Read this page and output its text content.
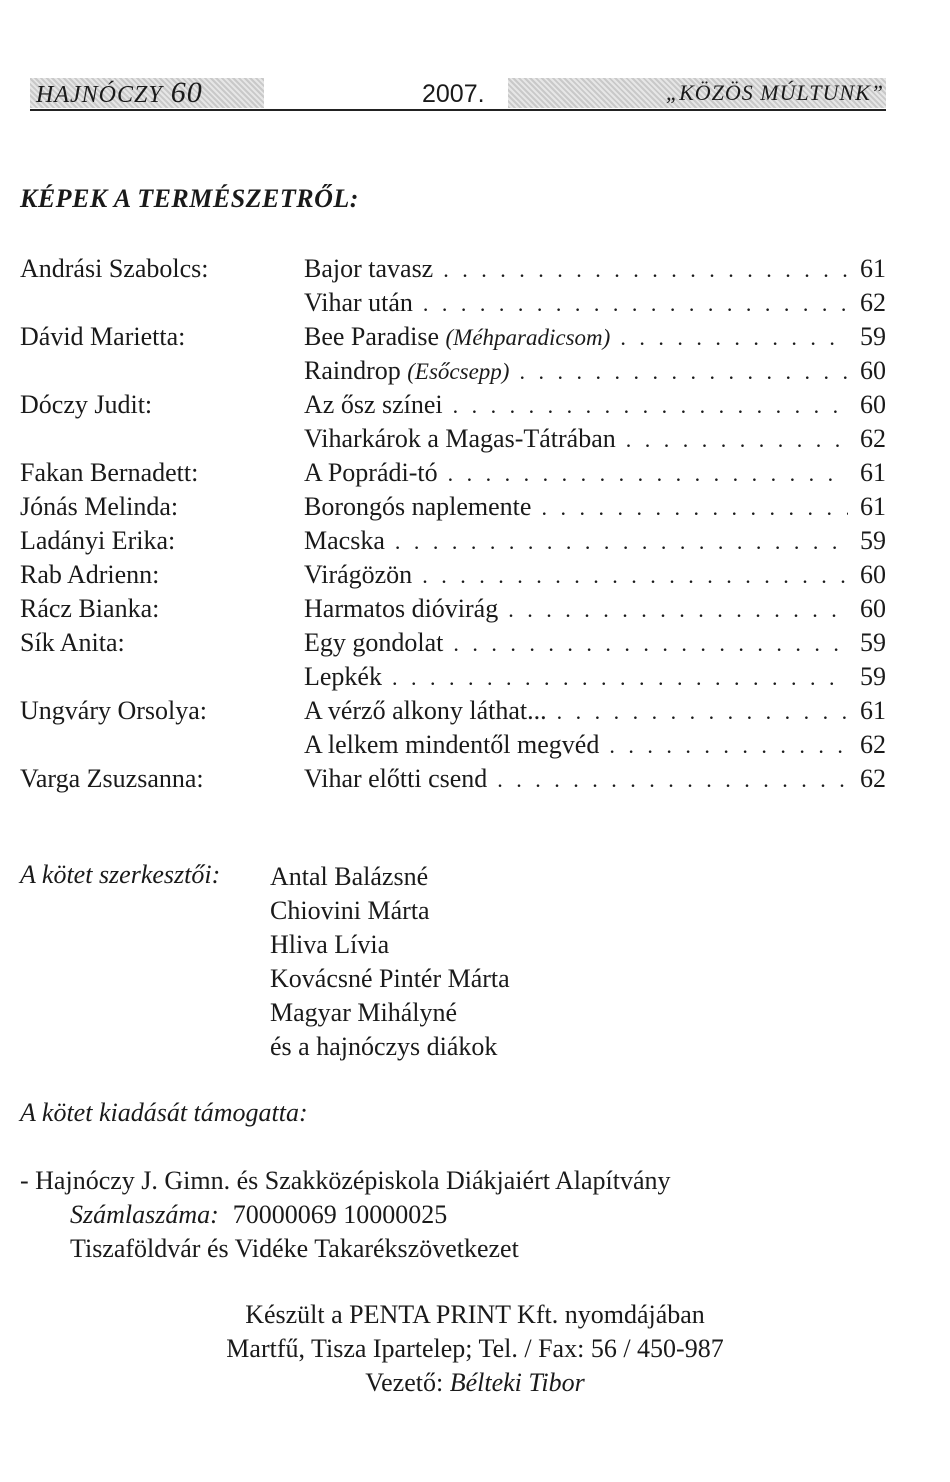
HAJNÓCZY 60	2007.	„KÖZÖS MÚLTUNK”
KÉPEK A TERMÉSZETRŐL:
Andrási Szabolcs:	Bajor tavasz . . .	61
Vihar után . . .	62
Dávid Marietta:	Bee Paradise (Méhparadicsom) . . .	59
Raindrop (Esőcsepp) . . .	60
Dóczy Judit:	Az ősz színei . . .	60
Viharkárok a Magas-Tátrában . . .	62
Fakan Bernadett:	A Poprádi-tó . . .	61
Jónás Melinda:	Borongós naplemente . . .	61
Ladányi Erika:	Macska . . .	59
Rab Adrienn:	Virágözön . . .	60
Rácz Bianka:	Harmatos dióvirág . . .	60
Sík Anita:	Egy gondolat . . .	59
Lepkék . . .	59
Ungváry Orsolya:	A vérző alkony láthat... . . .	61
A lelkem mindentől megvéd . . .	62
Varga Zsuzsanna:	Vihar előtti csend . . .	62
A kötet szerkesztői: Antal Balázsné
Chiovini Márta
Hliva Lívia
Kovácsné Pintér Márta
Magyar Mihályné
és a hajnóczys diákok
A kötet kiadását támogatta:
- Hajnóczy J. Gimn. és Szakközépiskola Diákjaiért Alapítvány
Számlaszáma: 70000069 10000025
Tiszaföldvár és Vidéke Takarékszövetkezet
Készült a PENTA PRINT Kft. nyomdájában
Martfű, Tisza Ipartelep; Tel. / Fax: 56 / 450-987
Vezető: Bélteki Tibor
